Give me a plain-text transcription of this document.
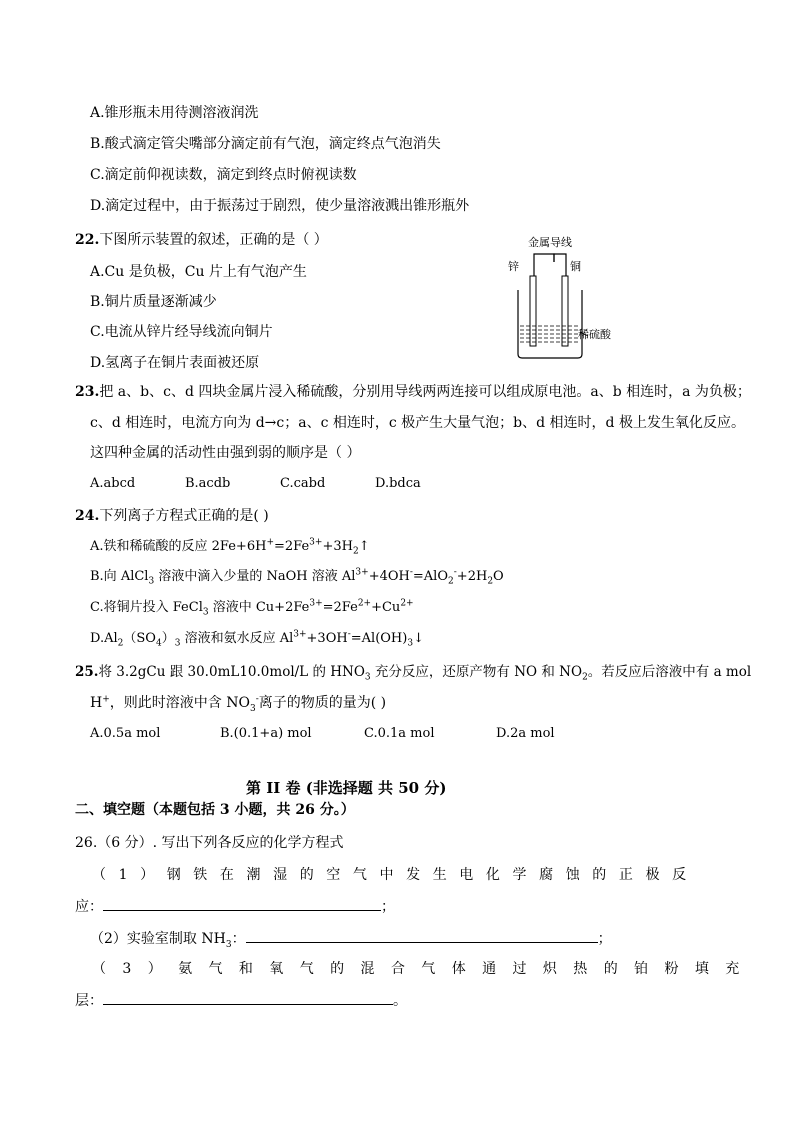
A.锥形瓶未用待测溶液润洗
B.酸式滴定管尖嘴部分滴定前有气泡，滴定终点气泡消失
C.滴定前仰视读数，滴定到终点时俯视读数
D.滴定过程中，由于振荡过于剧烈，使少量溶液溅出锥形瓶外
22.下图所示装置的叙述，正确的是（ ）
A.Cu 是负极，Cu 片上有气泡产生
B.铜片质量逐渐减少
C.电流从锌片经导线流向铜片
D.氢离子在铜片表面被还原
金属导线
锌	铜
稀硫酸
23.把 a、b、c、d 四块金属片浸入稀硫酸，分别用导线两两连接可以组成原电池。a、b 相连时，a 为负极；
c、d 相连时，电流方向为 d→c；a、c 相连时，c 极产生大量气泡；b、d 相连时，d 极上发生氧化反应。
这四种金属的活动性由强到弱的顺序是（ ）
A.abcd	B.acdb	C.cabd	D.bdca
24.下列离子方程式正确的是( )
A.铁和稀硫酸的反应 $2Fe+6H^+=2Fe^{3+}+3H_2↑$
B.向 AlCl$_3$ 溶液中滴入少量的 NaOH 溶液 $Al^{3+}+4OH^-=AlO_2^-+2H_2O$
C.将铜片投入 FeCl$_3$ 溶液中 $Cu+2Fe^{3+}=2Fe^{2+}+Cu^{2+}$
$D.Al_2(SO_4)_3$ 溶液和氨水反应 $Al^{3+}+3OH^-=Al(OH)_3↓$
25.将 3.2gCu 跟 30.0mL10.0mol/L 的 $HNO_3$ 充分反应，还原产物有 NO 和 $NO_2$。若反应后溶液中有 a mol
H+，则此时溶液中含 $NO_3^-$离子的物质的量为( )
A.0.5a mol	B.(0.1+a) mol	C.0.1a mol	D.2a mol
第 II 卷 (非选择题 共 50 分)
二、填空题（本题包括 3 小题，共 26 分。）
26.（6 分）. 写出下列各反应的化学方程式
（1）钢铁在潮湿的空气中发生电化学腐蚀的正极反
应：	；
（2）实验室制取 $NH_3$：	；
（3）氨气和氧气的混合气体通过炽热的铂粉填充
层：	。
